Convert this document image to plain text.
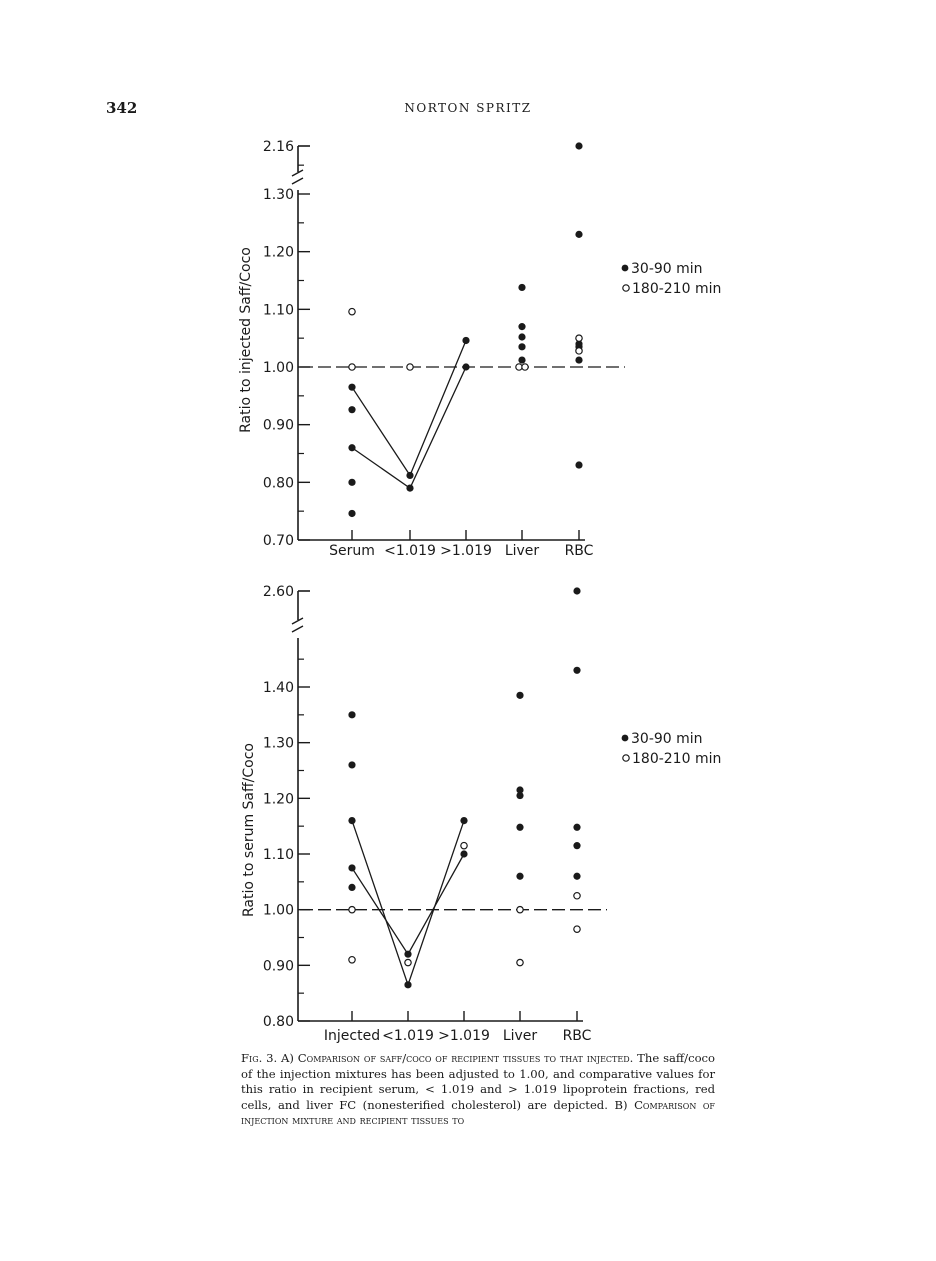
342	NORTON SPRITZ
0.70
0.80
0.90
1.00
1.10
1.20
1.30
2.16
Ratio to injected Saff/Coco
Serum <1.019 >1.019 Liver RBC
30-90 min
180-210 min
0.80
0.90
1.00
1.10
1.20
1.30
1.40
2.60
Ratio to serum Saff/Coco
Injected <1.019 >1.019 Liver RBC
30-90 min
180-210 min

Fig. 3. A) Comparison of saff/coco of recipient tissues to that injected. The saff/coco of the injection mixtures has been adjusted to 1.00, and comparative values for this ratio in recipient serum, < 1.019 and > 1.019 lipoprotein fractions, red cells, and liver FC (nonesterified cholesterol) are depicted. B) Comparison of injection mixture and recipient tissues to
